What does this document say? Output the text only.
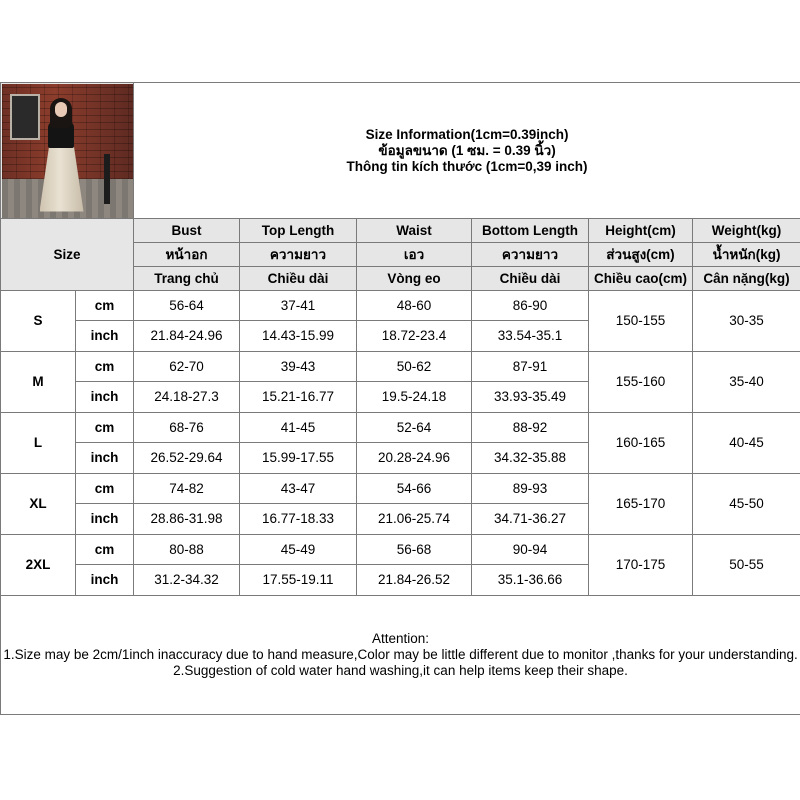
		Size Information(1cm=0.39inch)
ข้อมูลขนาด (1 ซม. = 0.39 นิ้ว)
Thông tin kích thước (1cm=0,39 inch)					

Size		Bust	Top Length	Waist	Bottom Length	Height(cm)	Weight(kg)
		หน้าอก	ความยาว	เอว	ความยาว	ส่วนสูง(cm)	น้ำหนัก(kg)
		Trang chủ	Chiều dài	Vòng eo	Chiều dài	Chiều cao(cm)	Cân nặng(kg)
S	cm	56-64	37-41	48-60	86-90	150-155	30-35
	inch	21.84-24.96	14.43-15.99	18.72-23.4	33.54-35.1		
M	cm	62-70	39-43	50-62	87-91	155-160	35-40
	inch	24.18-27.3	15.21-16.77	19.5-24.18	33.93-35.49		
L	cm	68-76	41-45	52-64	88-92	160-165	40-45
	inch	26.52-29.64	15.99-17.55	20.28-24.96	34.32-35.88		
XL	cm	74-82	43-47	54-66	89-93	165-170	45-50
	inch	28.86-31.98	16.77-18.33	21.06-25.74	34.71-36.27		
2XL	cm	80-88	45-49	56-68	90-94	170-175	50-55
	inch	31.2-34.32	17.55-19.11	21.84-26.52	35.1-36.66		

Attention:
1.Size may be 2cm/1inch inaccuracy due to hand measure,Color may be little different due to monitor ,thanks for your understanding.
2.Suggestion of cold water hand washing,it can help items keep their shape.							
